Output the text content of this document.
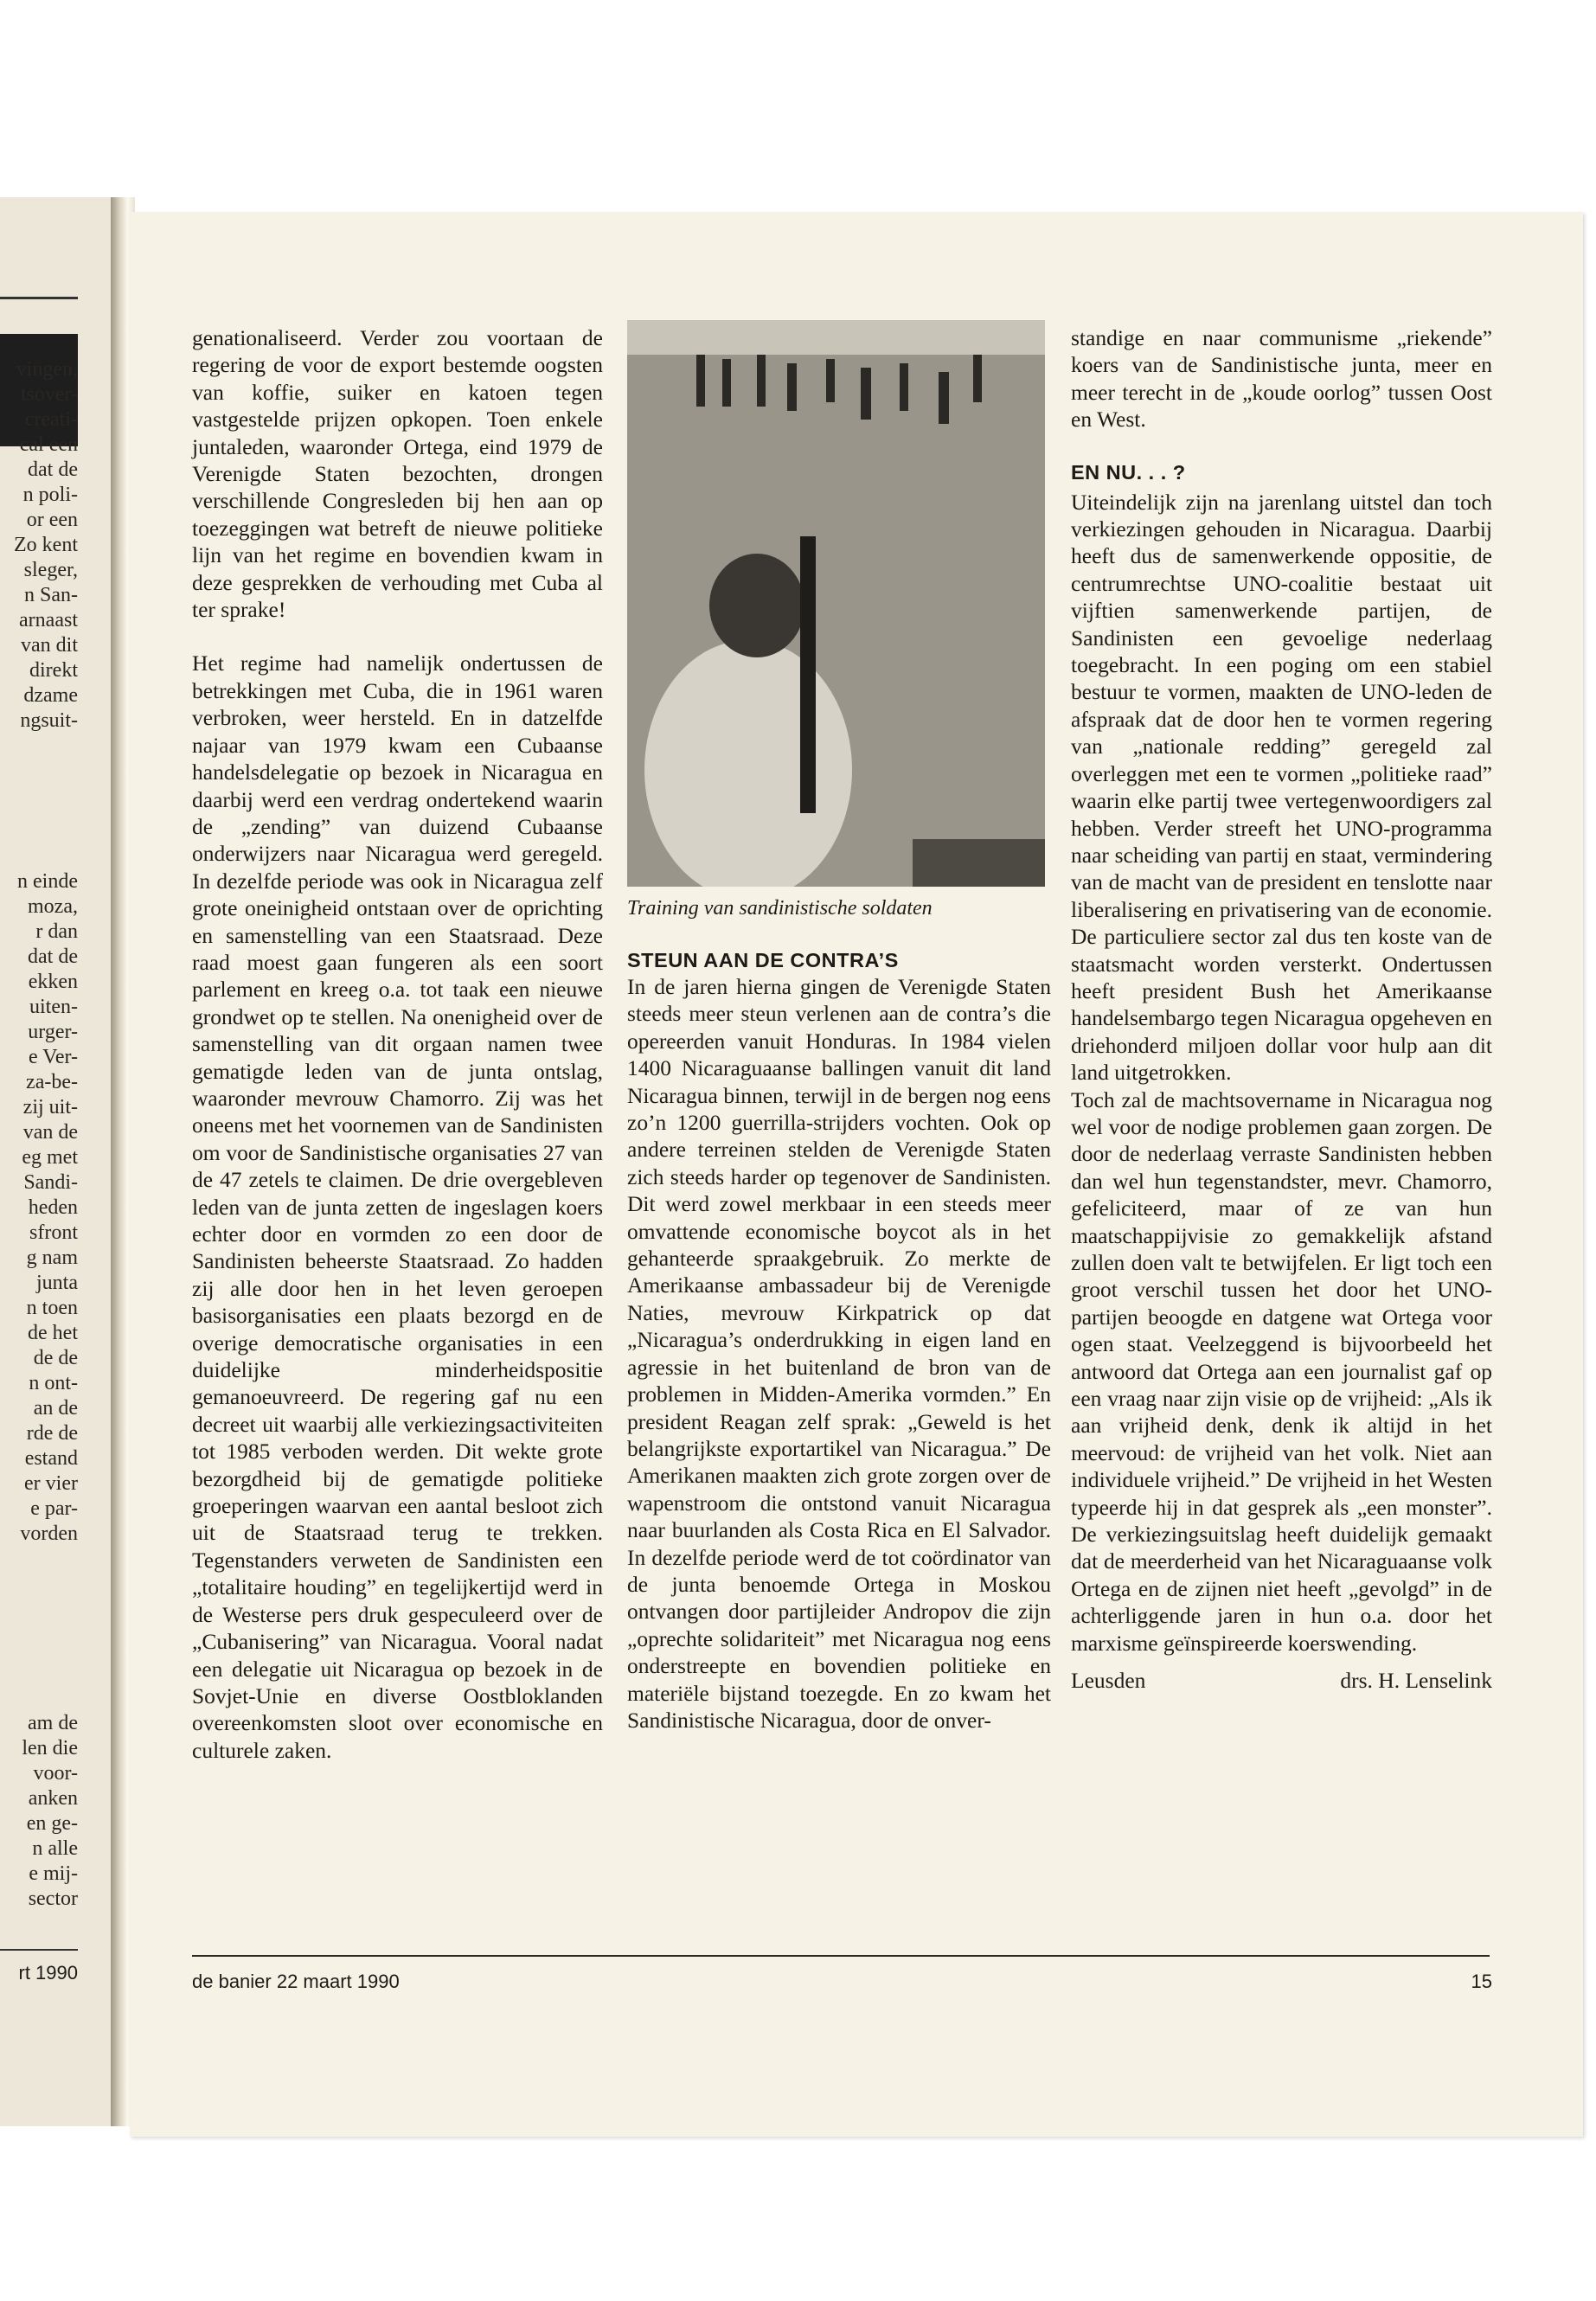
vingen,
tsover-
creati-
cal een
dat de
n poli-
or een
Zo kent
sleger,
n San-
arnaast
van dit
direkt
dzame
ngsuit-
n einde
moza,
r dan
dat de
ekken
uiten-
urger-
e Ver-
za-be-
zij uit-
van de
eg met
Sandi-
heden
sfront
g nam
junta
n toen
de het
de de
n ont-
an de
rde de
estand
er vier
e par-
vorden
am de
len die
voor-
anken
en ge-
n alle
e mij-
sector
rt 1990

genationaliseerd. Verder zou voortaan de regering de voor de export bestemde oogsten van koffie, suiker en katoen tegen vastgestelde prijzen opkopen. Toen enkele juntaleden, waaronder Ortega, eind 1979 de Verenigde Staten bezochten, drongen verschillende Congresleden bij hen aan op toezeggingen wat betreft de nieuwe politieke lijn van het regime en bovendien kwam in deze gesprekken de verhouding met Cuba al ter sprake!

Het regime had namelijk ondertussen de betrekkingen met Cuba, die in 1961 waren verbroken, weer hersteld. En in datzelfde najaar van 1979 kwam een Cubaanse handelsdelegatie op bezoek in Nicaragua en daarbij werd een verdrag ondertekend waarin de „zending” van duizend Cubaanse onderwijzers naar Nicaragua werd geregeld. In dezelfde periode was ook in Nicaragua zelf grote oneinigheid ontstaan over de oprichting en samenstelling van een Staatsraad. Deze raad moest gaan fungeren als een soort parlement en kreeg o.a. tot taak een nieuwe grondwet op te stellen. Na onenigheid over de samenstelling van dit orgaan namen twee gematigde leden van de junta ontslag, waaronder mevrouw Chamorro. Zij was het oneens met het voornemen van de Sandinisten om voor de Sandinistische organisaties 27 van de 47 zetels te claimen. De drie overgebleven leden van de junta zetten de ingeslagen koers echter door en vormden zo een door de Sandinisten beheerste Staatsraad. Zo hadden zij alle door hen in het leven geroepen basisorganisaties een plaats bezorgd en de overige democratische organisaties in een duidelijke minderheidspositie gemanoeuvreerd. De regering gaf nu een decreet uit waarbij alle verkiezingsactiviteiten tot 1985 verboden werden. Dit wekte grote bezorgdheid bij de gematigde politieke groeperingen waarvan een aantal besloot zich uit de Staatsraad terug te trekken. Tegenstanders verweten de Sandinisten een „totalitaire houding” en tegelijkertijd werd in de Westerse pers druk gespeculeerd over de „Cubanisering” van Nicaragua. Vooral nadat een delegatie uit Nicaragua op bezoek in de Sovjet-Unie en diverse Oostbloklanden overeenkomsten sloot over economische en culturele zaken.

Training van sandinistische soldaten
STEUN AAN DE CONTRA’S

In de jaren hierna gingen de Verenigde Staten steeds meer steun verlenen aan de contra’s die opereerden vanuit Honduras. In 1984 vielen 1400 Nicaraguaanse ballingen vanuit dit land Nicaragua binnen, terwijl in de bergen nog eens zo’n 1200 guerrilla-strijders vochten. Ook op andere terreinen stelden de Verenigde Staten zich steeds harder op tegenover de Sandinisten. Dit werd zowel merkbaar in een steeds meer omvattende economische boycot als in het gehanteerde spraakgebruik. Zo merkte de Amerikaanse ambassadeur bij de Verenigde Naties, mevrouw Kirkpatrick op dat „Nicaragua’s onderdrukking in eigen land en agressie in het buitenland de bron van de problemen in Midden-Amerika vormden.” En president Reagan zelf sprak: „Geweld is het belangrijkste exportartikel van Nicaragua.” De Amerikanen maakten zich grote zorgen over de wapenstroom die ontstond vanuit Nicaragua naar buurlanden als Costa Rica en El Salvador. In dezelfde periode werd de tot coördinator van de junta benoemde Ortega in Moskou ontvangen door partijleider Andropov die zijn „oprechte solidariteit” met Nicaragua nog eens onderstreepte en bovendien politieke en materiële bijstand toezegde. En zo kwam het Sandinistische Nicaragua, door de onver-

standige en naar communisme „riekende” koers van de Sandinistische junta, meer en meer terecht in de „koude oorlog” tussen Oost en West.

EN NU. . . ?

Uiteindelijk zijn na jarenlang uitstel dan toch verkiezingen gehouden in Nicaragua. Daarbij heeft dus de samenwerkende oppositie, de centrumrechtse UNO-coalitie bestaat uit vijftien samenwerkende partijen, de Sandinisten een gevoelige nederlaag toegebracht. In een poging om een stabiel bestuur te vormen, maakten de UNO-leden de afspraak dat de door hen te vormen regering van „nationale redding” geregeld zal overleggen met een te vormen „politieke raad” waarin elke partij twee vertegenwoordigers zal hebben. Verder streeft het UNO-programma naar scheiding van partij en staat, vermindering van de macht van de president en tenslotte naar liberalisering en privatisering van de economie. De particuliere sector zal dus ten koste van de staatsmacht worden versterkt. Ondertussen heeft president Bush het Amerikaanse handelsembargo tegen Nicaragua opgeheven en driehonderd miljoen dollar voor hulp aan dit land uitgetrokken.

Toch zal de machtsovername in Nicaragua nog wel voor de nodige problemen gaan zorgen. De door de nederlaag verraste Sandinisten hebben dan wel hun tegenstandster, mevr. Chamorro, gefeliciteerd, maar of ze van hun maatschappijvisie zo gemakkelijk afstand zullen doen valt te betwijfelen. Er ligt toch een groot verschil tussen het door het UNO-partijen beoogde en datgene wat Ortega voor ogen staat. Veelzeggend is bijvoorbeeld het antwoord dat Ortega aan een journalist gaf op een vraag naar zijn visie op de vrijheid: „Als ik aan vrijheid denk, denk ik altijd in het meervoud: de vrijheid van het volk. Niet aan individuele vrijheid.” De vrijheid in het Westen typeerde hij in dat gesprek als „een monster”. De verkiezingsuitslag heeft duidelijk gemaakt dat de meerderheid van het Nicaraguaanse volk Ortega en de zijnen niet heeft „gevolgd” in de achterliggende jaren in hun o.a. door het marxisme geïnspireerde koerswending.

Leusden	drs. H. Lenselink
de banier 22 maart 1990	15
